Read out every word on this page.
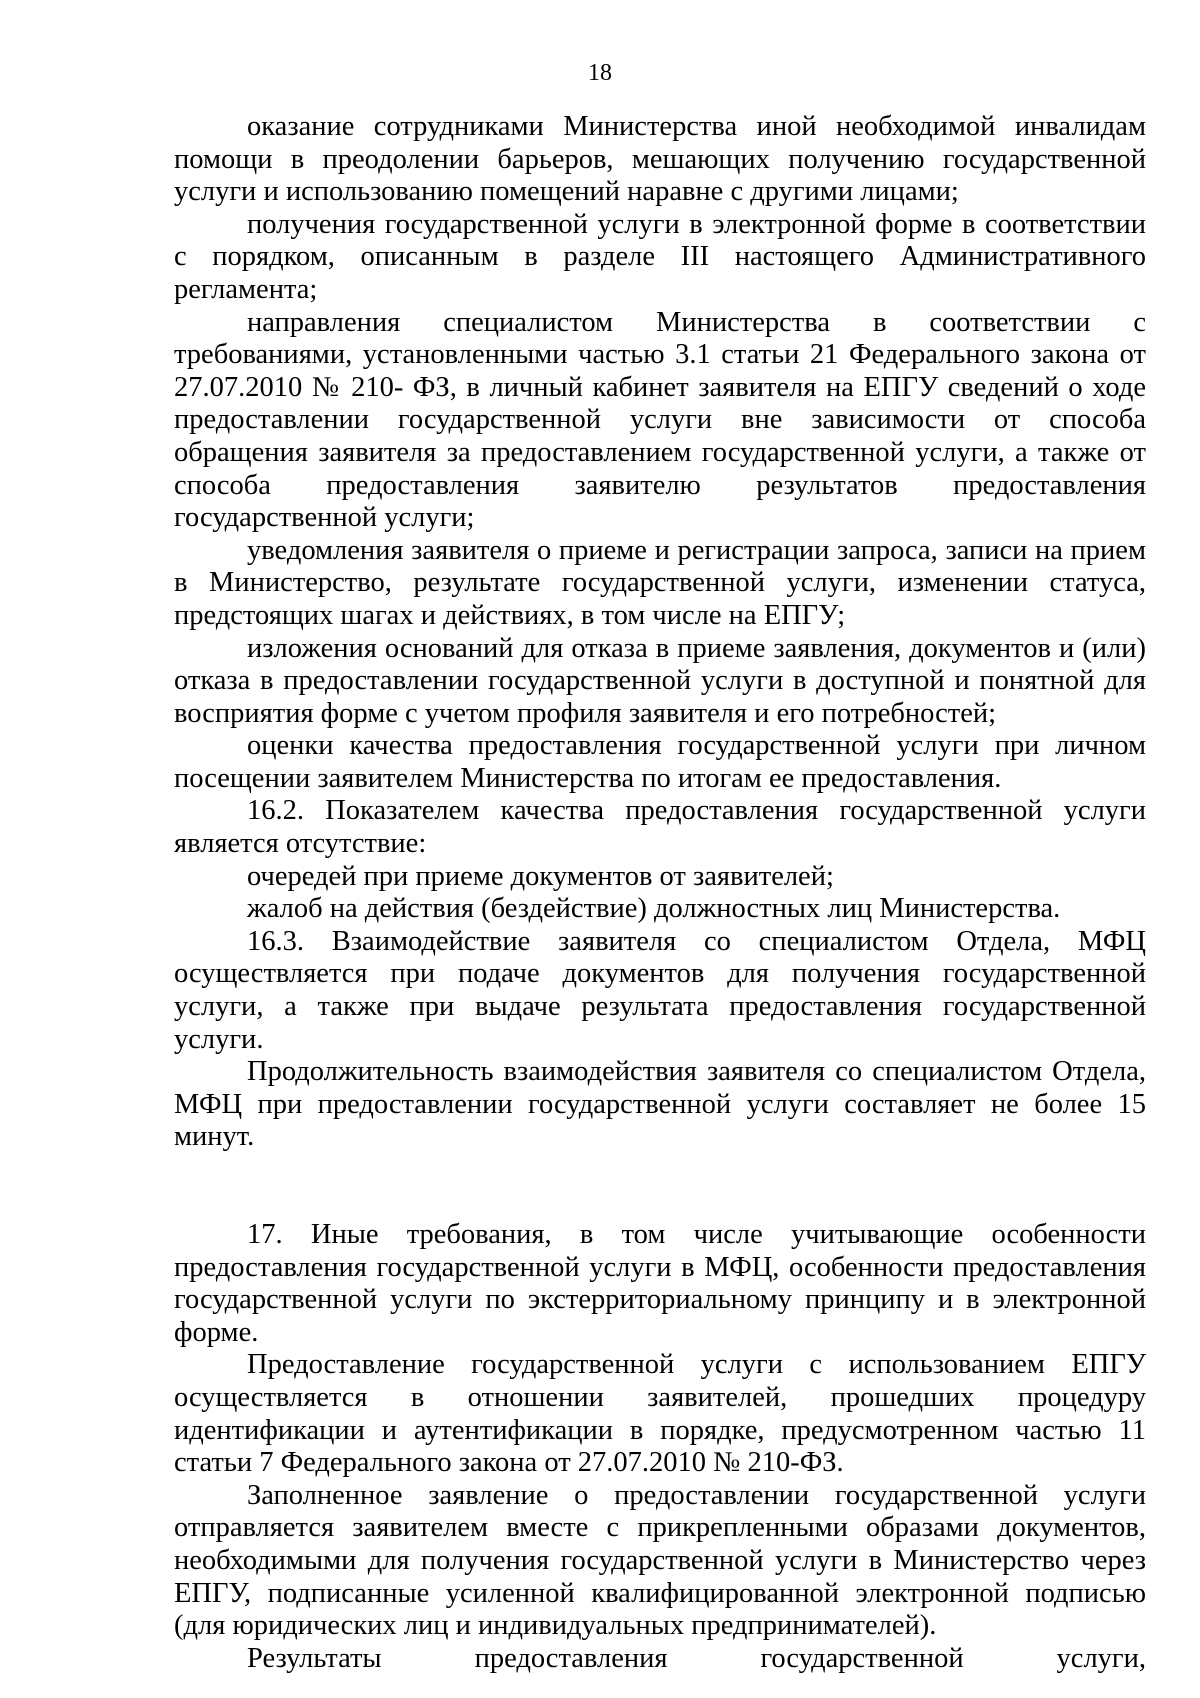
18

оказание сотрудниками Министерства иной необходимой инвалидам помощи в преодолении барьеров, мешающих получению государственной услуги и использованию помещений наравне с другими лицами;

получения государственной услуги в электронной форме в соответствии с порядком, описанным в разделе III настоящего Административного регламента;

направления специалистом Министерства в соответствии с требованиями, установленными частью 3.1 статьи 21 Федерального закона от 27.07.2010 № 210- ФЗ, в личный кабинет заявителя на ЕПГУ сведений о ходе предоставлении государственной услуги вне зависимости от способа обращения заявителя за предоставлением государственной услуги, а также от способа предоставления заявителю результатов предоставления государственной услуги;

уведомления заявителя о приеме и регистрации запроса, записи на прием в Министерство, результате государственной услуги, изменении статуса, предстоящих шагах и действиях, в том числе на ЕПГУ;

изложения оснований для отказа в приеме заявления, документов и (или) отказа в предоставлении государственной услуги в доступной и понятной для восприятия форме с учетом профиля заявителя и его потребностей;

оценки качества предоставления государственной услуги при личном посещении заявителем Министерства по итогам ее предоставления.

16.2. Показателем качества предоставления государственной услуги является отсутствие:

очередей при приеме документов от заявителей;

жалоб на действия (бездействие) должностных лиц Министерства.

16.3. Взаимодействие заявителя со специалистом Отдела, МФЦ осуществляется при подаче документов для получения государственной услуги, а также при выдаче результата предоставления государственной услуги.

Продолжительность взаимодействия заявителя со специалистом Отдела, МФЦ при предоставлении государственной услуги составляет не более 15 минут.

17. Иные требования, в том числе учитывающие особенности предоставления государственной услуги в МФЦ, особенности предоставления государственной услуги по экстерриториальному принципу и в электронной форме.

Предоставление государственной услуги с использованием ЕПГУ осуществляется в отношении заявителей, прошедших процедуру идентификации и аутентификации в порядке, предусмотренном частью 11 статьи 7 Федерального закона от 27.07.2010 № 210-ФЗ.

Заполненное заявление о предоставлении государственной услуги отправляется заявителем вместе с прикрепленными образами документов, необходимыми для получения государственной услуги в Министерство через ЕПГУ, подписанные усиленной квалифицированной электронной подписью (для юридических лиц и индивидуальных предпринимателей).

Результаты предоставления государственной услуги,
